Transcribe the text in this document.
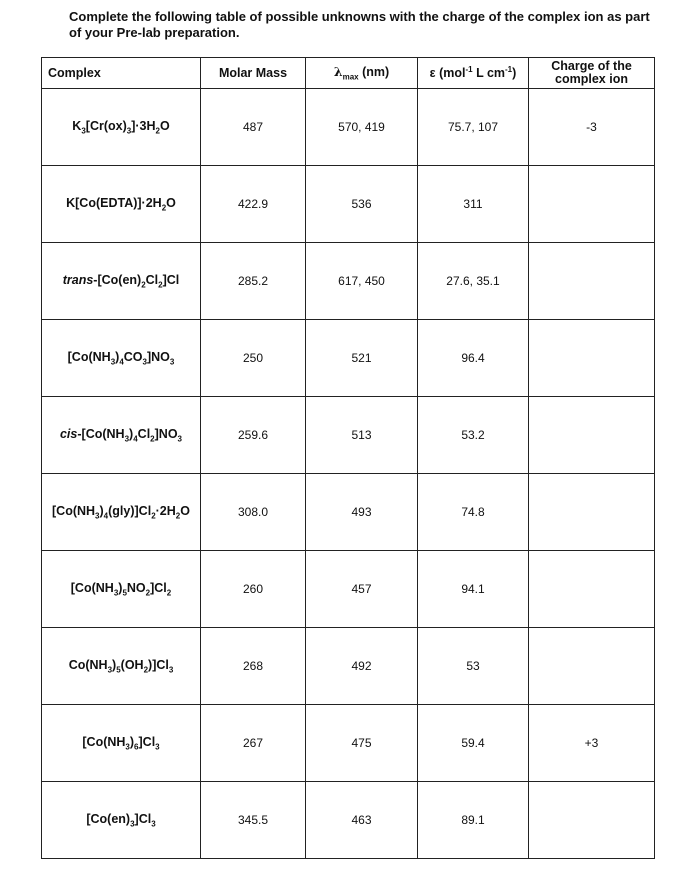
Complete the following table of possible unknowns with the charge of the complex ion as part of your Pre-lab preparation.

Complex	Molar Mass	$\lambda_{max}$ (nm)	ε (mol$^{-1}$ L $cm^{-1}$)	Charge of the complex ion
$K_3[Cr(ox)_3]\cdot 3H_2O$	487	570, 419	75.7, 107	-3
$K[Co(EDTA)]\cdot 2H_2O$	422.9	536	311	
trans-$[Co(en)_2Cl_2]Cl$	285.2	617, 450	27.6, 35.1	
$[Co(NH_3)_4CO_3]NO_3$	250	521	96.4	
cis-$[Co(NH_3)_4Cl_2]NO_3$	259.6	513	53.2	
$[Co(NH_3)_4(gly)]Cl_2\cdot 2H_2O$	308.0	493	74.8	
$[Co(NH_3)_5NO_2]Cl_2$	260	457	94.1	
$Co(NH_3)_5(OH_2)]Cl_3$	268	492	53	
$[Co(NH_3)_6]Cl_3$	267	475	59.4	+3
$[Co(en)_3]Cl_3$	345.5	463	89.1	
